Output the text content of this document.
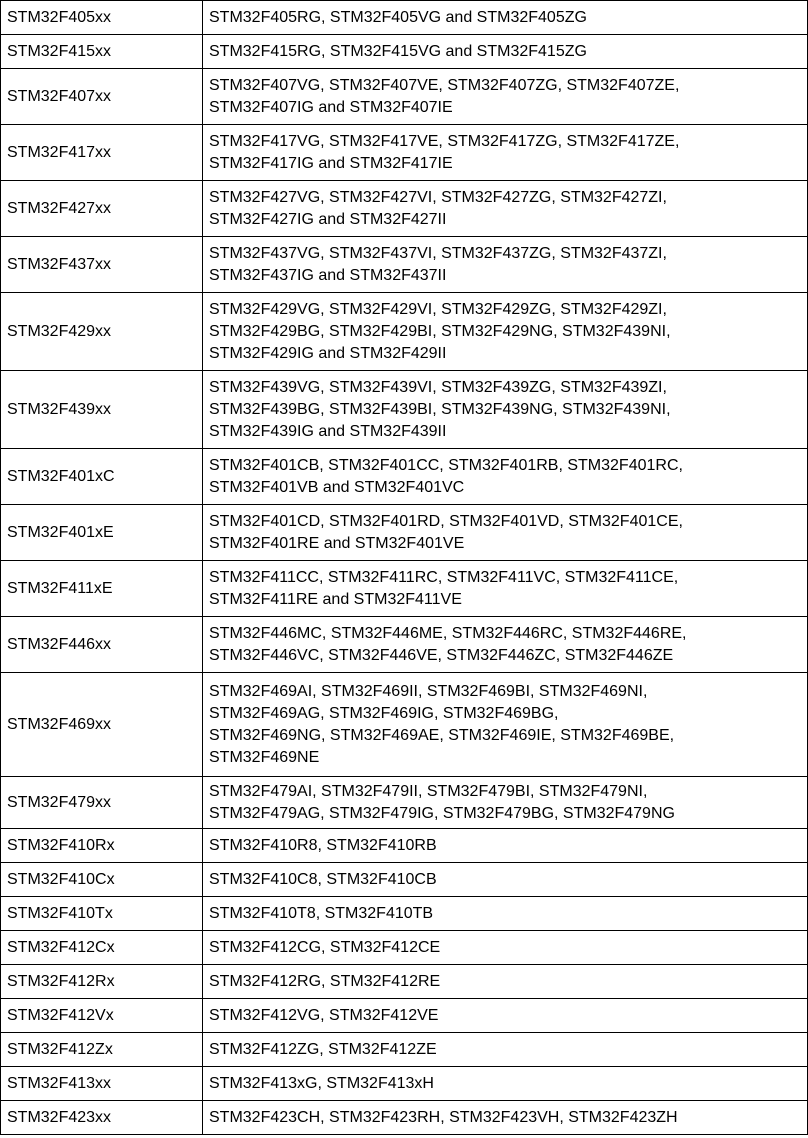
STM32F405xx	STM32F405RG, STM32F405VG and STM32F405ZG

STM32F415xx	STM32F415RG, STM32F415VG and STM32F415ZG

STM32F407xx	STM32F407VG, STM32F407VE, STM32F407ZG, STM32F407ZE,
STM32F407IG and STM32F407IE

STM32F417xx	STM32F417VG, STM32F417VE, STM32F417ZG, STM32F417ZE,
STM32F417IG and STM32F417IE

STM32F427xx	STM32F427VG, STM32F427VI, STM32F427ZG, STM32F427ZI,
STM32F427IG and STM32F427II

STM32F437xx	STM32F437VG, STM32F437VI, STM32F437ZG, STM32F437ZI,
STM32F437IG and STM32F437II

STM32F429xx	STM32F429VG, STM32F429VI, STM32F429ZG, STM32F429ZI,
STM32F429BG, STM32F429BI, STM32F429NG, STM32F439NI,
STM32F429IG and STM32F429II

STM32F439xx	STM32F439VG, STM32F439VI, STM32F439ZG, STM32F439ZI,
STM32F439BG, STM32F439BI, STM32F439NG, STM32F439NI,
STM32F439IG and STM32F439II

STM32F401xC	STM32F401CB, STM32F401CC, STM32F401RB, STM32F401RC,
STM32F401VB and STM32F401VC

STM32F401xE	STM32F401CD, STM32F401RD, STM32F401VD, STM32F401CE,
STM32F401RE and STM32F401VE

STM32F411xE	STM32F411CC, STM32F411RC, STM32F411VC, STM32F411CE,
STM32F411RE and STM32F411VE

STM32F446xx	STM32F446MC, STM32F446ME, STM32F446RC, STM32F446RE,
STM32F446VC, STM32F446VE, STM32F446ZC, STM32F446ZE

STM32F469xx	STM32F469AI, STM32F469II, STM32F469BI, STM32F469NI,
STM32F469AG, STM32F469IG, STM32F469BG,
STM32F469NG, STM32F469AE, STM32F469IE, STM32F469BE,
STM32F469NE

STM32F479xx	STM32F479AI, STM32F479II, STM32F479BI, STM32F479NI,
STM32F479AG, STM32F479IG, STM32F479BG, STM32F479NG

STM32F410Rx	STM32F410R8, STM32F410RB

STM32F410Cx	STM32F410C8, STM32F410CB

STM32F410Tx	STM32F410T8, STM32F410TB

STM32F412Cx	STM32F412CG, STM32F412CE

STM32F412Rx	STM32F412RG, STM32F412RE

STM32F412Vx	STM32F412VG, STM32F412VE

STM32F412Zx	STM32F412ZG, STM32F412ZE

STM32F413xx	STM32F413xG, STM32F413xH

STM32F423xx	STM32F423CH, STM32F423RH, STM32F423VH, STM32F423ZH
